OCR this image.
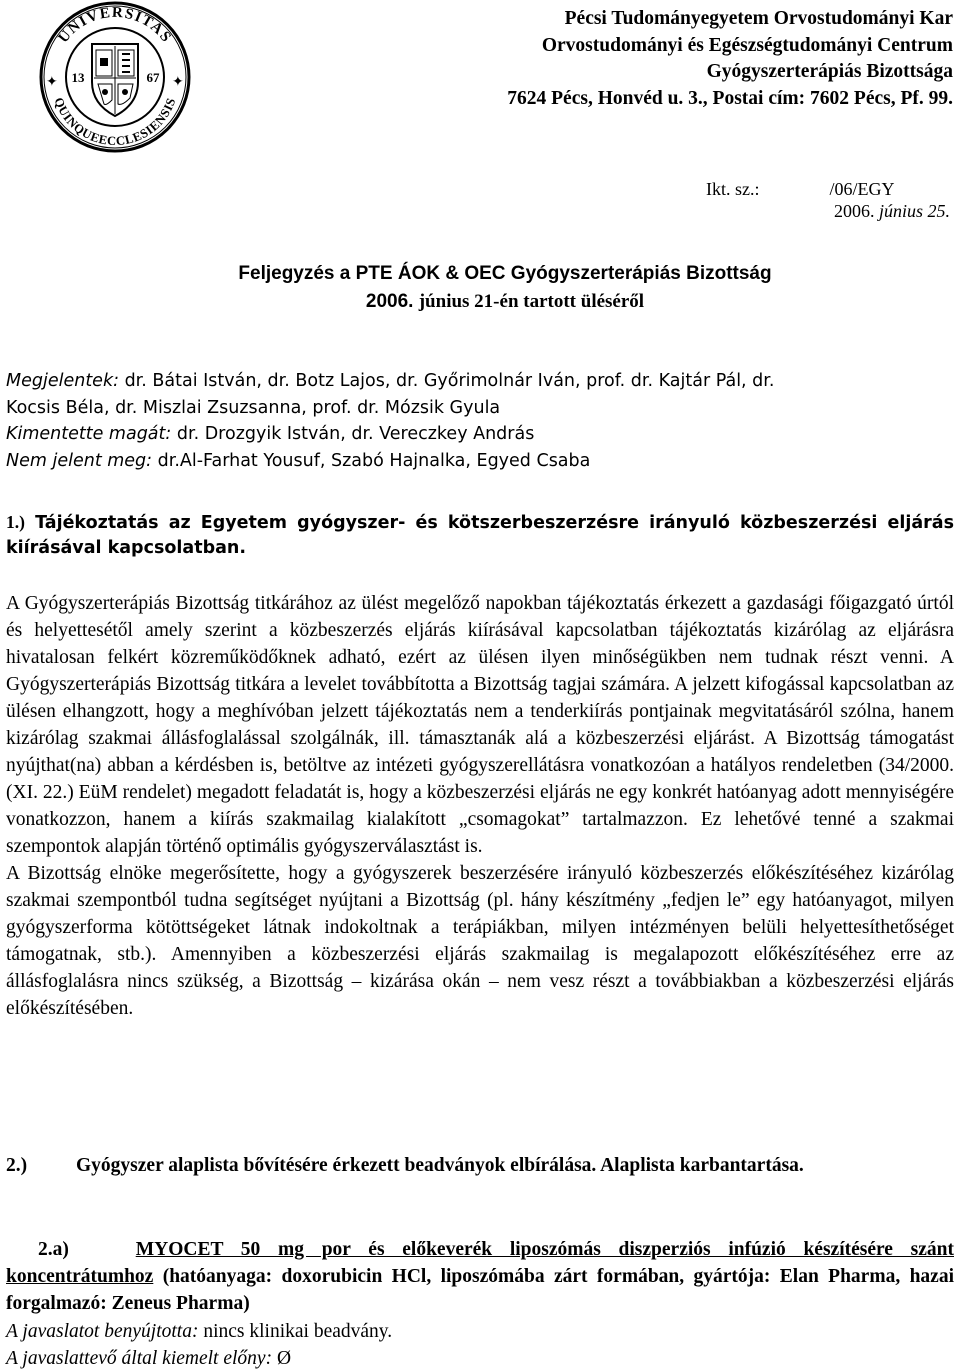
UNIVERSITAS
QUINQUEECCLESIENSIS
✦	✦
13	67
Pécsi Tudományegyetem Orvostudományi Kar
Orvostudományi és Egészségtudományi Centrum
Gyógyszerterápiás Bizottsága
7624 Pécs, Honvéd u. 3., Postai cím: 7602 Pécs, Pf. 99.
Ikt. sz.:	/06/EGY
2006. június 25.
Feljegyzés a PTE ÁOK & OEC Gyógyszerterápiás Bizottság
2006. június 21-én tartott üléséről
Megjelentek: dr. Bátai István, dr. Botz Lajos, dr. Győrimolnár Iván, prof. dr. Kajtár Pál, dr.
Kocsis Béla, dr. Miszlai Zsuzsanna, prof. dr. Mózsik Gyula
Kimentette magát: dr. Drozgyik István, dr. Vereczkey András
Nem jelent meg: dr.Al-Farhat Yousuf, Szabó Hajnalka, Egyed Csaba
1.) Tájékoztatás az Egyetem gyógyszer- és kötszerbeszerzésre irányuló közbeszerzési eljárás kiírásával kapcsolatban.
A Gyógyszerterápiás Bizottság titkárához az ülést megelőző napokban tájékoztatás érkezett a gazdasági főigazgató úrtól és helyettesétől amely szerint a közbeszerzés eljárás kiírásával kapcsolatban tájékoztatás kizárólag az eljárásra hivatalosan felkért közreműködőknek adható, ezért az ülésen ilyen minőségükben nem tudnak részt venni. A Gyógyszerterápiás Bizottság titkára a levelet továbbította a Bizottság tagjai számára. A jelzett kifogással kapcsolatban az ülésen elhangzott, hogy a meghívóban jelzett tájékoztatás nem a tenderkiírás pontjainak megvitatásáról szólna, hanem kizárólag szakmai állásfoglalással szolgálnák, ill. támasztanák alá a közbeszerzési eljárást. A Bizottság támogatást nyújthat(na) abban a kérdésben is, betöltve az intézeti gyógyszerellátásra vonatkozóan a hatályos rendeletben (34/2000. (XI. 22.) EüM rendelet) megadott feladatát is, hogy a közbeszerzési eljárás ne egy konkrét hatóanyag adott mennyiségére vonatkozzon, hanem a kiírás szakmailag kialakított „csomagokat” tartalmazzon. Ez lehetővé tenné a szakmai szempontok alapján történő optimális gyógyszerválasztást is.
A Bizottság elnöke megerősítette, hogy a gyógyszerek beszerzésére irányuló közbeszerzés előkészítéséhez kizárólag szakmai szempontból tudna segítséget nyújtani a Bizottság (pl. hány készítmény „fedjen le” egy hatóanyagot, milyen gyógyszerforma kötöttségeket látnak indokoltnak a terápiákban, milyen intézményen belüli helyettesíthetőséget támogatnak, stb.). Amennyiben a közbeszerzési eljárás szakmailag is megalapozott előkészítéséhez erre az állásfoglalásra nincs szükség, a Bizottság – kizárása okán – nem vesz részt a továbbiakban a közbeszerzési eljárás előkészítésében.
2.)	Gyógyszer alaplista bővítésére érkezett beadványok elbírálása. Alaplista karbantartása.
2.a)	MYOCET 50 mg por és előkeverék liposzómás diszperziós infúzió készítésére szánt koncentrátumhoz (hatóanyaga: doxorubicin HCl, liposzómába zárt formában, gyártója: Elan Pharma, hazai forgalmazó: Zeneus Pharma)
A javaslatot benyújtotta: nincs klinikai beadvány.
A javaslattevő által kiemelt előny: Ø
